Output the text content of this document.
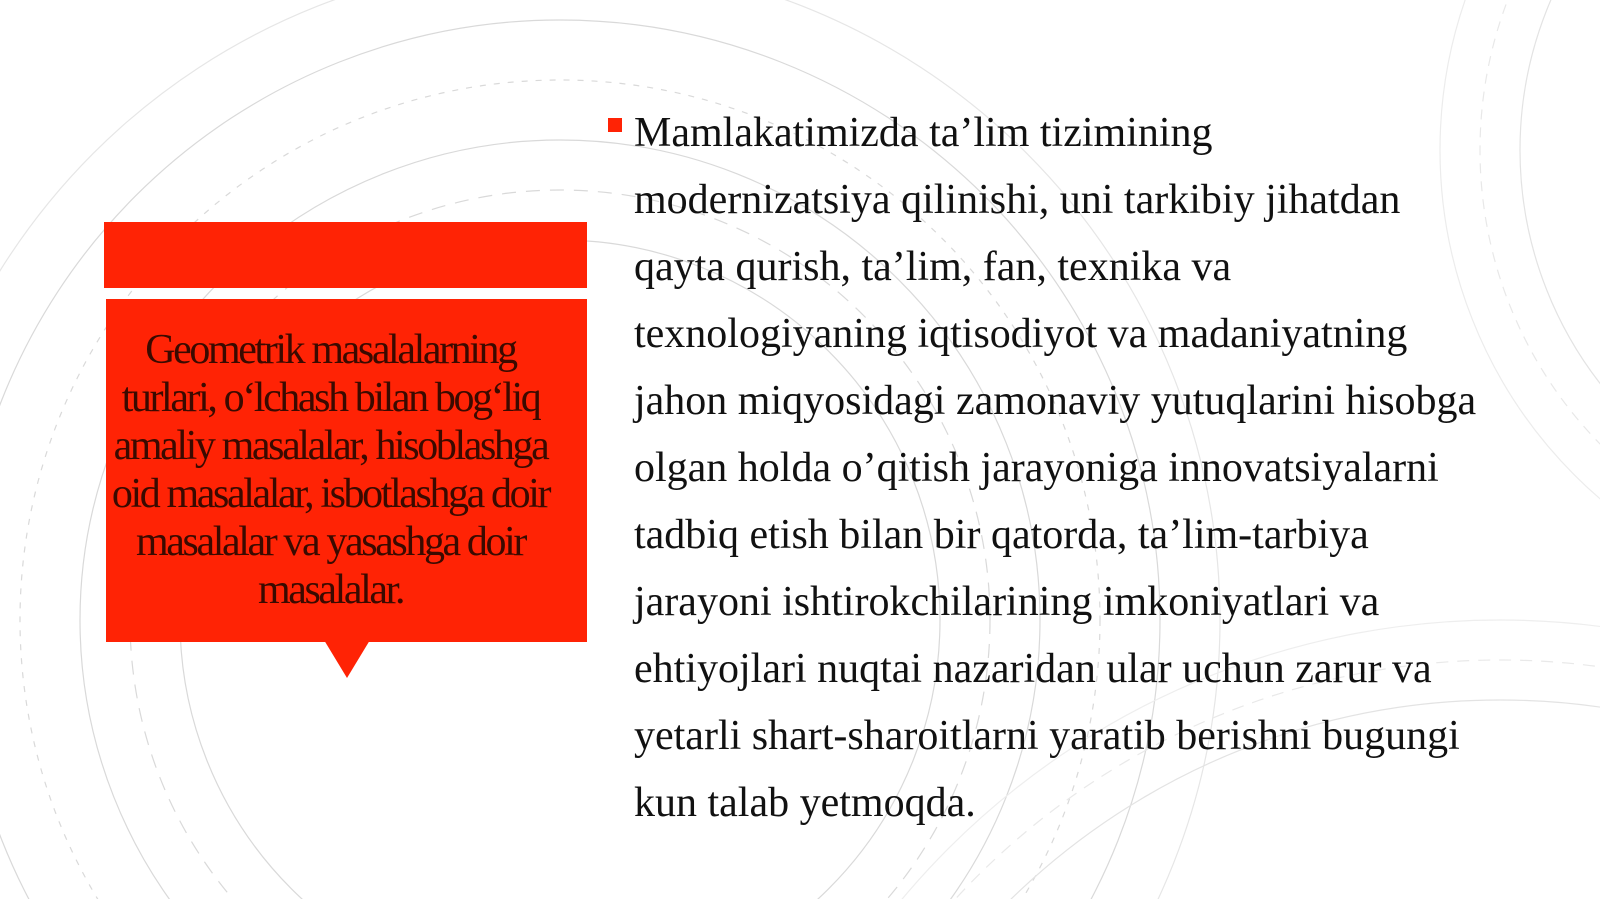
Geometrik masalalarning turlari, o‘lchash bilan bog‘liq amaliy masalalar, hisoblashga oid masalalar, isbotlashga doir masalalar va yasashga doir masalalar.

Mamlakatimizda ta’lim tizimining
modernizatsiya qilinishi, uni tarkibiy jihatdan
qayta qurish, ta’lim, fan, texnika va
texnologiyaning iqtisodiyot va madaniyatning
jahon miqyosidagi zamonaviy yutuqlarini hisobga
olgan holda o’qitish jarayoniga innovatsiyalarni
tadbiq etish bilan bir qatorda, ta’lim-tarbiya
jarayoni ishtirokchilarining imkoniyatlari va
ehtiyojlari nuqtai nazaridan ular uchun zarur va
yetarli shart-sharoitlarni yaratib berishni bugungi
kun talab yetmoqda.
